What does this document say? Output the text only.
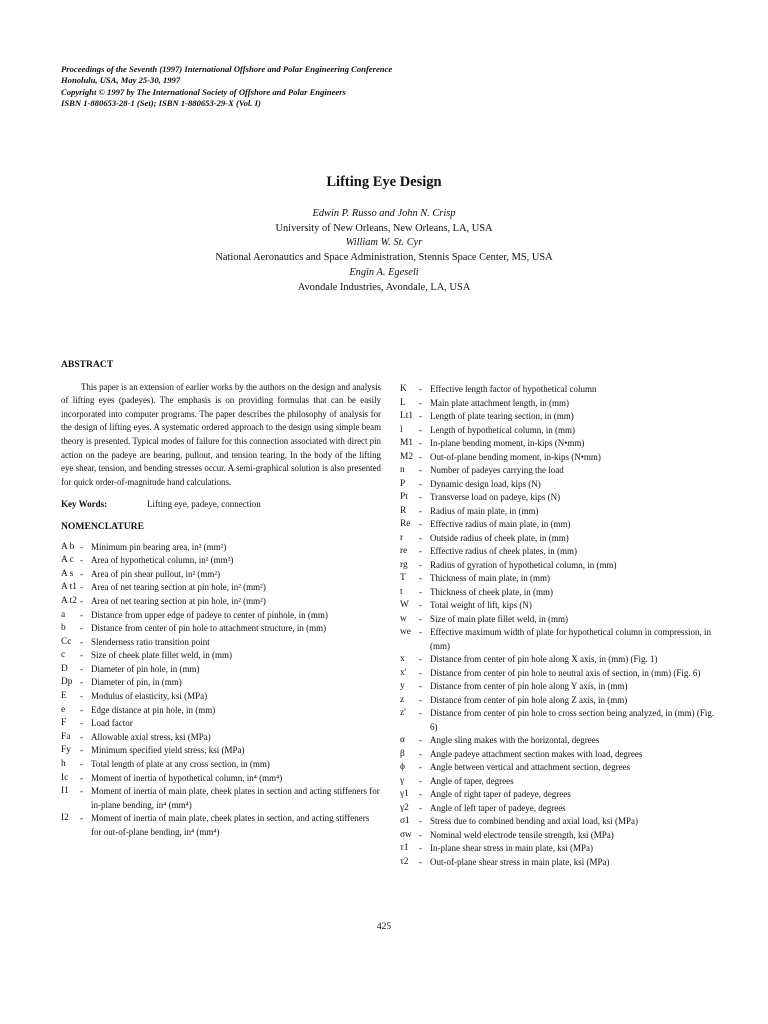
Proceedings of the Seventh (1997) International Offshore and Polar Engineering Conference
Honolulu, USA, May 25-30, 1997
Copyright © 1997 by The International Society of Offshore and Polar Engineers
ISBN 1-880653-28-1 (Set); ISBN 1-880653-29-X (Vol. I)
Lifting Eye Design
Edwin P. Russo and John N. Crisp
University of New Orleans, New Orleans, LA, USA
William W. St. Cyr
National Aeronautics and Space Administration, Stennis Space Center, MS, USA
Engin A. Egeseli
Avondale Industries, Avondale, LA, USA
ABSTRACT
This paper is an extension of earlier works by the authors on the design and analysis of lifting eyes (padeyes). The emphasis is on providing formulas that can be easily incorporated into computer programs. The paper describes the philosophy of analysis for the design of lifting eyes. A systematic ordered approach to the design using simple beam theory is presented. Typical modes of failure for this connection associated with direct pin action on the padeye are bearing, pullout, and tension tearing. In the body of the lifting eye shear, tension, and bending stresses occur. A semi-graphical solution is also presented for quick order-of-magnitude hand calculations.
Key Words:	Lifting eye, padeye, connection
NOMENCLATURE
A b - Minimum pin bearing area, in² (mm²)
A c - Area of hypothetical column, in² (mm²)
A s - Area of pin shear pullout, in² (mm²)
A t1 - Area of net tearing section at pin hole, in² (mm²)
A t2 - Area of net tearing section at pin hole, in² (mm²)
a	- Distance from upper edge of padeye to center of pinhole, in (mm)
b	- Distance from center of pin hole to attachment structure, in (mm)
Cc - Slenderness ratio transition point
c	- Size of cheek plate fillet weld, in (mm)
D	- Diameter of pin hole, in (mm)
Dp - Diameter of pin, in (mm)
E	- Modulus of elasticity, ksi (MPa)
e	- Edge distance at pin hole, in (mm)
F	- Load factor
Fa	- Allowable axial stress, ksi (MPa)
Fy	- Minimum specified yield stress, ksi (MPa)
h	- Total length of plate at any cross section, in (mm)
Ic	- Moment of inertia of hypothetical column, in⁴ (mm⁴)
I1	- Moment of inertia of main plate, cheek plates in section and acting stiffeners for in-plane bending, in⁴ (mm⁴)
I2	- Moment of inertia of main plate, cheek plates in section, and acting stiffeners for out-of-plane bending, in⁴ (mm⁴)
K	- Effective length factor of hypothetical column
L	- Main plate attachment length, in (mm)
Lt1 - Length of plate tearing section, in (mm)
l	- Length of hypothetical column, in (mm)
M1 - In-plane bending moment, in-kips (N•mm)
M2 - Out-of-plane bending moment, in-kips (N•mm)
n	- Number of padeyes carrying the load
P	- Dynamic design load, kips (N)
Pt	- Transverse load on padeye, kips (N)
R	- Radius of main plate, in (mm)
Re - Effective radius of main plate, in (mm)
r	- Outside radius of cheek plate, in (mm)
re	- Effective radius of cheek plates, in (mm)
rg	- Radius of gyration of hypothetical column, in (mm)
T	- Thickness of main plate, in (mm)
t	- Thickness of cheek plate, in (mm)
W	- Total weight of lift, kips (N)
w	- Size of main plate fillet weld, in (mm)
we - Effective maximum width of plate for hypothetical column in compression, in (mm)
x	- Distance from center of pin hole along X axis, in (mm) (Fig. 1)
x'	- Distance from center of pin hole to neutral axis of section, in (mm) (Fig. 6)
y	- Distance from center of pin hole along Y axis, in (mm)
z	- Distance from center of pin hole along Z axis, in (mm)
z'	- Distance from center of pin hole to cross section being analyzed, in (mm) (Fig. 6)
α	- Angle sling makes with the horizontal, degrees
β	- Angle padeye attachment section makes with load, degrees
ϕ	- Angle between vertical and attachment section, degrees
γ	- Angle of taper, degrees
γ1	- Angle of right taper of padeye, degrees
γ2	- Angle of left taper of padeye, degrees
σ1	- Stress due to combined bending and axial load, ksi (MPa)
σw - Nominal weld electrode tensile strength, ksi (MPa)
τ1	- In-plane shear stress in main plate, ksi (MPa)
τ2	- Out-of-plane shear stress in main plate, ksi (MPa)
425
